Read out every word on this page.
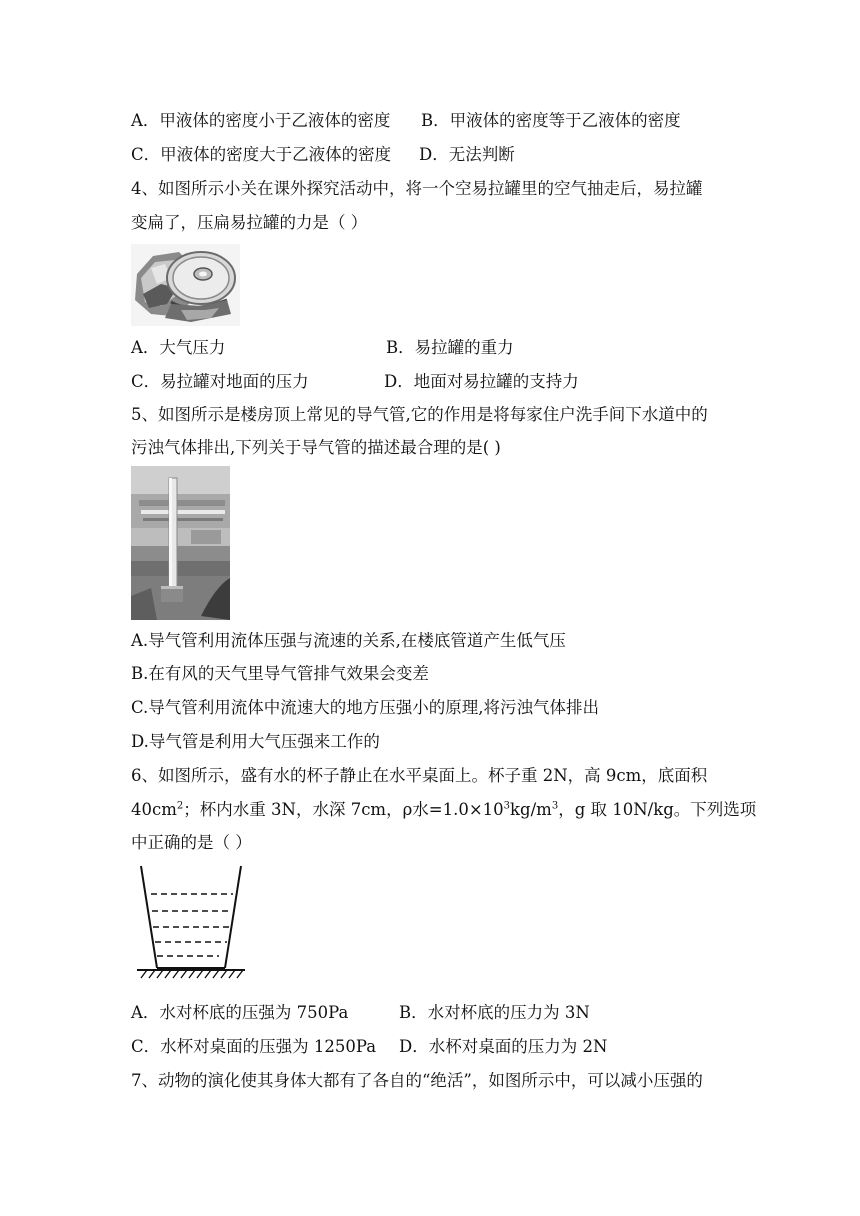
A．甲液体的密度小于乙液体的密度 B．甲液体的密度等于乙液体的密度
C．甲液体的密度大于乙液体的密度 D．无法判断
4、如图所示小关在课外探究活动中，将一个空易拉罐里的空气抽走后，易拉罐
变扁了，压扁易拉罐的力是（ ）
A．大气压力	B．易拉罐的重力
C．易拉罐对地面的压力	D．地面对易拉罐的支持力
5、如图所示是楼房顶上常见的导气管,它的作用是将每家住户洗手间下水道中的
污浊气体排出,下列关于导气管的描述最合理的是( )
A.导气管利用流体压强与流速的关系,在楼底管道产生低气压
B.在有风的天气里导气管排气效果会变差
C.导气管利用流体中流速大的地方压强小的原理,将污浊气体排出
D.导气管是利用大气压强来工作的
6、如图所示，盛有水的杯子静止在水平桌面上。杯子重 2N，高 9cm，底面积
$40cm^2$；杯内水重 3N，水深 7cm，ρ水$=1.0\times 10^3kg/m^3$，g 取 10N/kg。下列选项
中正确的是（ ）
A．水对杯底的压强为 750Pa	B．水对杯底的压力为 3N
C．水杯对桌面的压强为 1250Pa D．水杯对桌面的压力为 2N
7、动物的演化使其身体大都有了各自的“绝活”，如图所示中，可以减小压强的
